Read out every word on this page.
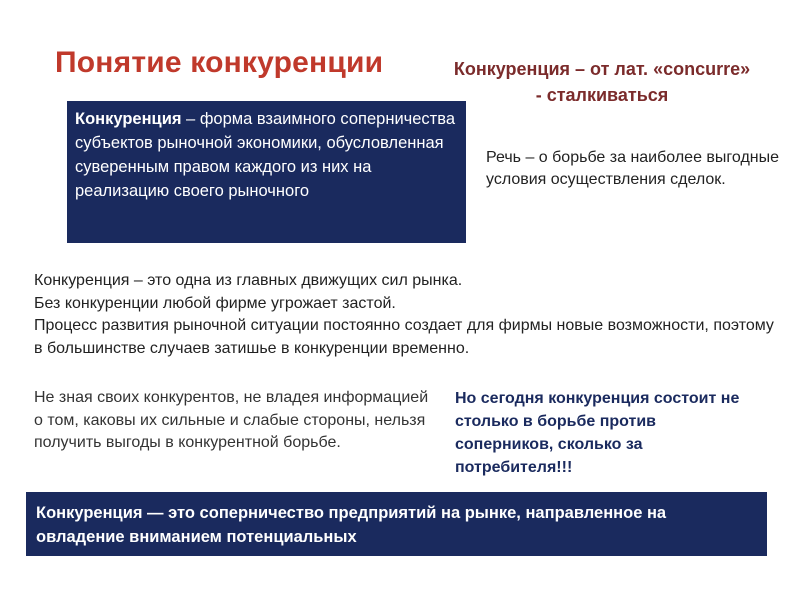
Понятие конкуренции	Конкуренция – от лат. «concurre»
- сталкиваться
Конкуренция – форма взаимного соперничества субъектов рыночной экономики, обусловленная суверенным правом каждого из них на реализацию своего рыночного
Речь – о борьбе за наиболее выгодные условия осуществления сделок.

Конкуренция – это одна из главных движущих сил рынка.

Без конкуренции любой фирме угрожает застой.

Процесс развития рыночной ситуации постоянно создает для фирмы новые возможности, поэтому в большинстве случаев затишье в конкуренции временно.

Не зная своих конкурентов, не владея информацией о том, каковы их сильные и слабые стороны, нельзя получить выгоды в конкурентной борьбе.
Но сегодня конкуренция состоит не столько в борьбе против соперников, сколько за потребителя!!!
Конкуренция — это соперничество предприятий на рынке, направленное на овладение вниманием потенциальных
